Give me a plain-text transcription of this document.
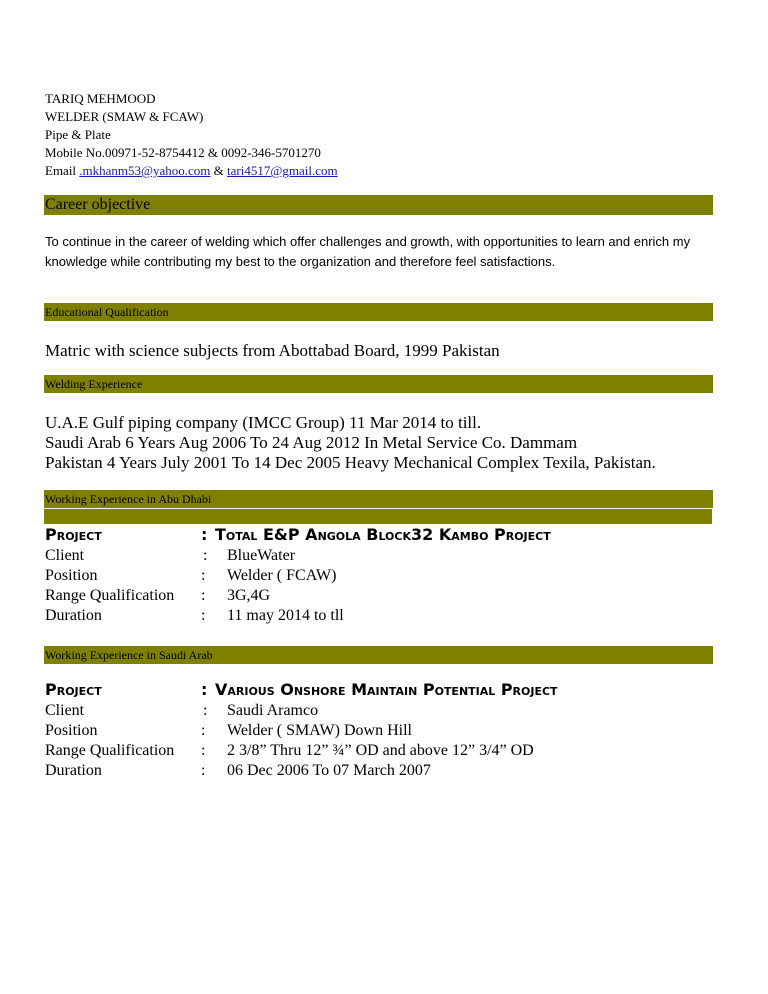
TARIQ MEHMOOD
WELDER (SMAW & FCAW)
Pipe & Plate
Mobile No.00971-52-8754412 & 0092-346-5701270
Email .mkhanm53@yahoo.com & tari4517@gmail.com
Career objective
To continue in the career of welding which offer challenges and growth, with opportunities to learn and enrich my knowledge while contributing my best to the organization and therefore feel satisfactions.
Educational Qualification
Matric with science subjects from Abottabad Board, 1999 Pakistan
Welding Experience
U.A.E Gulf piping company (IMCC Group) 11 Mar 2014 to till.
Saudi Arab 6 Years Aug 2006 To 24 Aug 2012 In Metal Service Co. Dammam
Pakistan 4 Years July 2001 To 14 Dec 2005 Heavy Mechanical Complex Texila, Pakistan.
Working Experience in Abu Dhabi
Project	: Total E&P Angola Block32 Kambo Project
Client	:	BlueWater
Position	:	Welder ( FCAW)
Range Qualification	:	3G,4G
Duration	:	11 may 2014 to tll
Working Experience in Saudi Arab
Project	: Various Onshore Maintain Potential Project
Client	:	Saudi Aramco
Position	:	Welder ( SMAW) Down Hill
Range Qualification	:	2 3/8” Thru 12” ¾” OD and above 12” 3/4” OD
Duration	:	06 Dec 2006 To 07 March 2007
